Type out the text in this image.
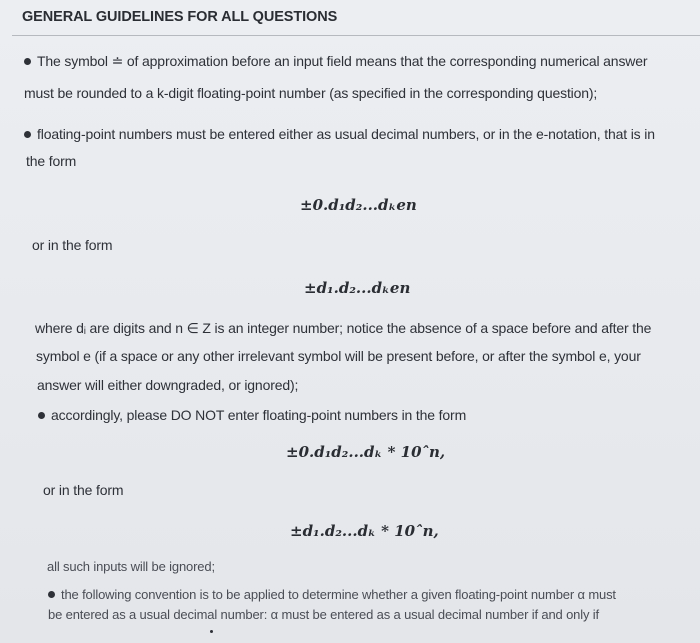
GENERAL GUIDELINES FOR ALL QUESTIONS
The symbol ≐ of approximation before an input field means that the corresponding numerical answer
must be rounded to a k-digit floating-point number (as specified in the corresponding question);
floating-point numbers must be entered either as usual decimal numbers, or in the e-notation, that is in
the form
±0.d₁d₂...dₖen
or in the form
±d₁.d₂...dₖen
where dᵢ are digits and n ∈ Z is an integer number; notice the absence of a space before and after the
symbol e (if a space or any other irrelevant symbol will be present before, or after the symbol e, your
answer will either downgraded, or ignored);
accordingly, please DO NOT enter floating-point numbers in the form
±0.d₁d₂...dₖ * 10ˆn,
or in the form
±d₁.d₂...dₖ * 10ˆn,
all such inputs will be ignored;
the following convention is to be applied to determine whether a given floating-point number α must
be entered as a usual decimal number: α must be entered as a usual decimal number if and only if
